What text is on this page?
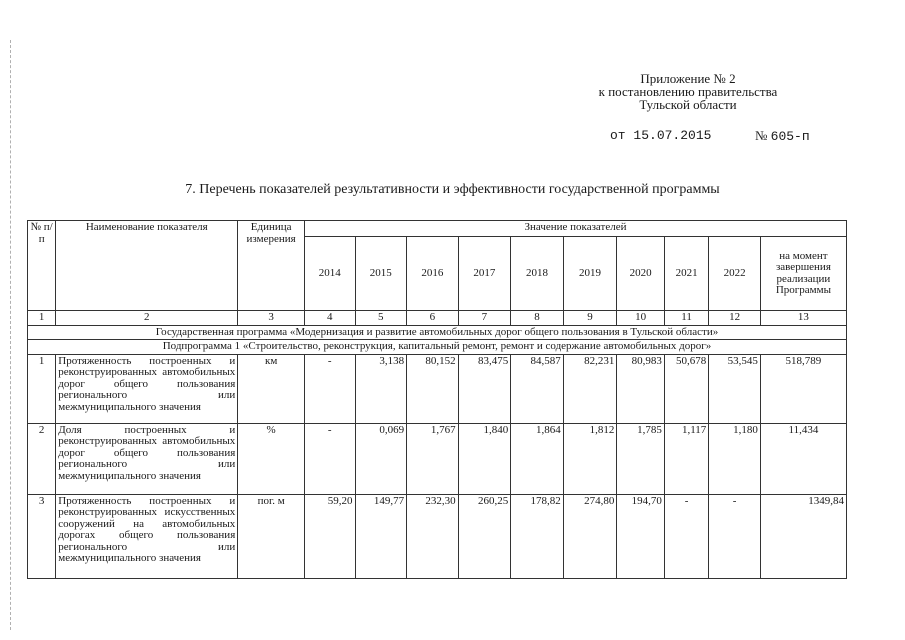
Приложение № 2
к постановлению правительства
Тульской области
от 15.07.2015	№ 605-п
7. Перечень показателей результативности и эффективности государственной программы
№ п/п	Наименование показателя	Единица измерения	Значение показателей									
			2014	2015	2016	2017	2018	2019	2020	2021	2022	на момент завершения реализации Программы
1	2	3	4	5	6	7	8	9	10	11	12	13
Государственная программа «Модернизация и развитие автомобильных дорог общего пользования в Тульской области»												
Подпрограмма 1 «Строительство, реконструкция, капитальный ремонт, ремонт и содержание автомобильных дорог»												
1	Протяженность построенных и реконструированных автомобильных дорог общего пользования регионального или межмуниципального значения	км	-	3,138	80,152	83,475	84,587	82,231	80,983	50,678	53,545	518,789
2	Доля построенных и реконструированных автомобильных дорог общего пользования регионального или межмуниципального значения	%	-	0,069	1,767	1,840	1,864	1,812	1,785	1,117	1,180	11,434
3	Протяженность построенных и реконструированных искусственных сооружений на автомобильных дорогах общего пользования регионального или межмуниципального значения	пог. м	59,20	149,77	232,30	260,25	178,82	274,80	194,70	-	-	1349,84
